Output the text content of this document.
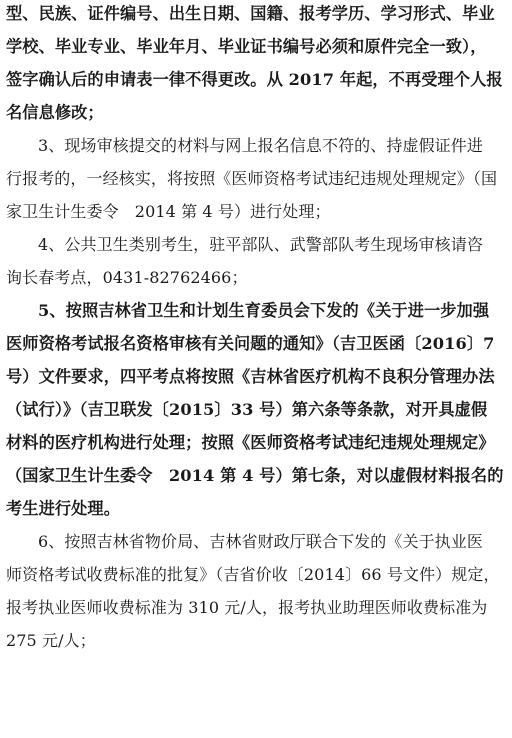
型、民族、证件编号、出生日期、国籍、报考学历、学习形式、毕业
学校、毕业专业、毕业年月、毕业证书编号必须和原件完全一致），
签字确认后的申请表一律不得更改。从 2017 年起，不再受理个人报
名信息修改；
3、现场审核提交的材料与网上报名信息不符的、持虚假证件进
行报考的，一经核实，将按照《医师资格考试违纪违规处理规定》（国
家卫生计生委令　2014 第 4 号）进行处理；
4、公共卫生类别考生，驻平部队、武警部队考生现场审核请咨
询长春考点，0431-82762466；
5、按照吉林省卫生和计划生育委员会下发的《关于进一步加强
医师资格考试报名资格审核有关问题的通知》（吉卫医函〔2016〕7
号）文件要求，四平考点将按照《吉林省医疗机构不良积分管理办法
（试行）》（吉卫联发〔2015〕33 号）第六条等条款，对开具虚假
材料的医疗机构进行处理；按照《医师资格考试违纪违规处理规定》
（国家卫生计生委令　2014 第 4 号）第七条，对以虚假材料报名的
考生进行处理。
6、按照吉林省物价局、吉林省财政厅联合下发的《关于执业医
师资格考试收费标准的批复》（吉省价收〔2014〕66 号文件）规定，
报考执业医师收费标准为 310 元/人，报考执业助理医师收费标准为
275 元/人；
